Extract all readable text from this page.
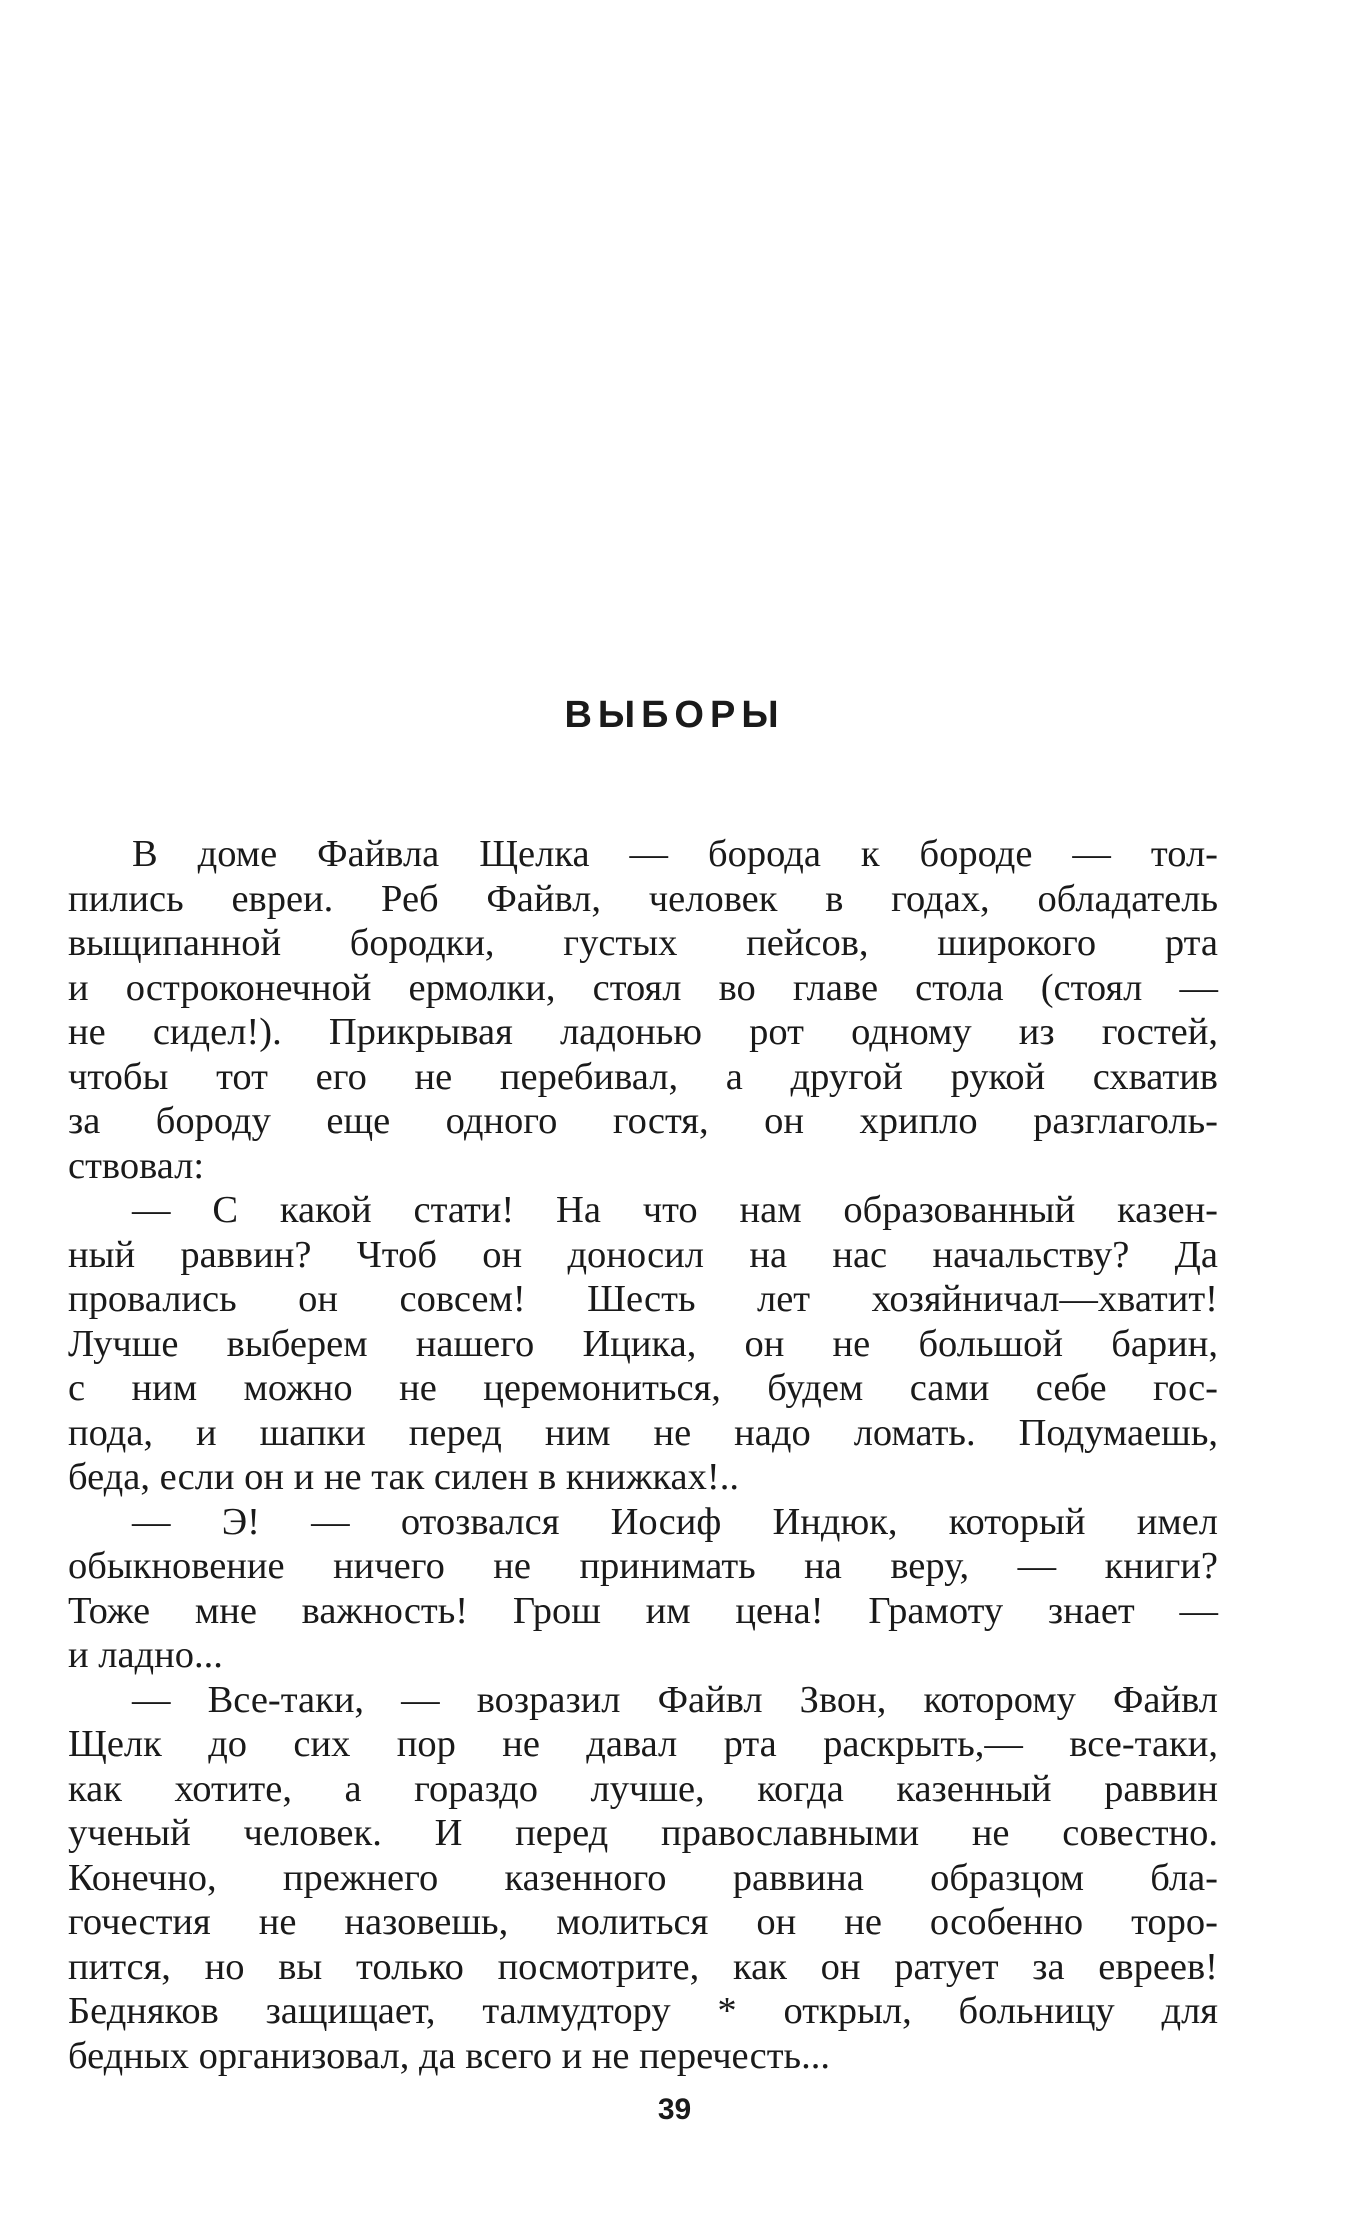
ВЫБОРЫ
В доме Файвла Щелка — борода к бороде — тол-
пились евреи. Реб Файвл, человек в годах, обладатель
выщипанной бородки, густых пейсов, широкого рта
и остроконечной ермолки, стоял во главе стола (стоял —
не сидел!). Прикрывая ладонью рот одному из гостей,
чтобы тот его не перебивал, а другой рукой схватив
за бороду еще одного гостя, он хрипло разглаголь-
ствовал:
— С какой стати! На что нам образованный казен-
ный раввин? Чтоб он доносил на нас начальству? Да
провались он совсем! Шесть лет хозяйничал—хватит!
Лучше выберем нашего Ицика, он не большой барин,
с ним можно не церемониться, будем сами себе гос-
пода, и шапки перед ним не надо ломать. Подумаешь,
беда, если он и не так силен в книжках!..
— Э! — отозвался Иосиф Индюк, который имел
обыкновение ничего не принимать на веру, — книги?
Тоже мне важность! Грош им цена! Грамоту знает —
и ладно...
— Все-таки, — возразил Файвл Звон, которому Файвл
Щелк до сих пор не давал рта раскрыть,— все-таки,
как хотите, а гораздо лучше, когда казенный раввин
ученый человек. И перед православными не совестно.
Конечно, прежнего казенного раввина образцом бла-
гочестия не назовешь, молиться он не особенно торо-
пится, но вы только посмотрите, как он ратует за евреев!
Бедняков защищает, талмудтору * открыл, больницу для
бедных организовал, да всего и не перечесть...

39
